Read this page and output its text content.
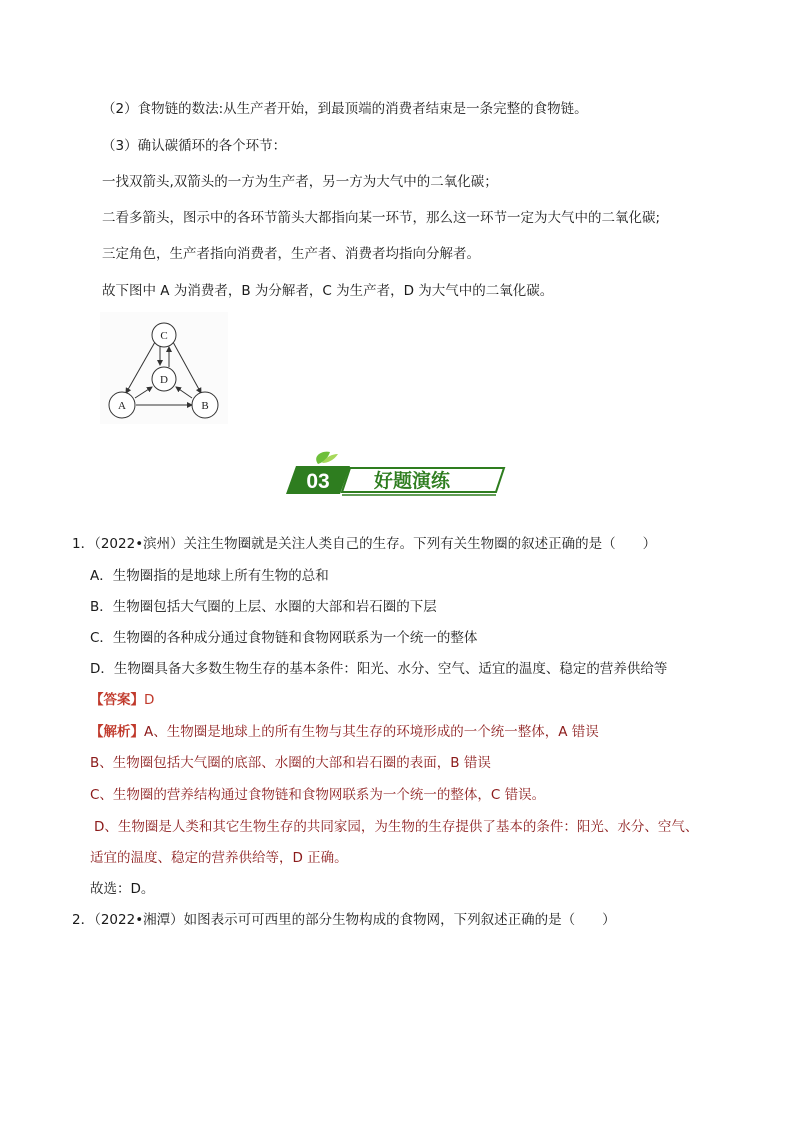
（2）食物链的数法:从生产者开始，到最顶端的消费者结束是一条完整的食物链。
（3）确认碳循环的各个环节：
一找双箭头,双箭头的一方为生产者，另一方为大气中的二氧化碳；
二看多箭头，图示中的各环节箭头大都指向某一环节，那么这一环节一定为大气中的二氧化碳;
三定角色，生产者指向消费者，生产者、消费者均指向分解者。
故下图中 A 为消费者，B 为分解者，C 为生产者，D 为大气中的二氧化碳。
C
D
A	B
03 好题演练
1．（2022•滨州）关注生物圈就是关注人类自己的生存。下列有关生物圈的叙述正确的是（　　）
A．生物圈指的是地球上所有生物的总和
B．生物圈包括大气圈的上层、水圈的大部和岩石圈的下层
C．生物圈的各种成分通过食物链和食物网联系为一个统一的整体
D．生物圈具备大多数生物生存的基本条件：阳光、水分、空气、适宜的温度、稳定的营养供给等
【答案】D
【解析】A、生物圈是地球上的所有生物与其生存的环境形成的一个统一整体，A 错误
B、生物圈包括大气圈的底部、水圈的大部和岩石圈的表面，B 错误
C、生物圈的营养结构通过食物链和食物网联系为一个统一的整体，C 错误。
D、生物圈是人类和其它生物生存的共同家园，为生物的生存提供了基本的条件：阳光、水分、空气、
适宜的温度、稳定的营养供给等，D 正确。
故选：D。
2．（2022•湘潭）如图表示可可西里的部分生物构成的食物网，下列叙述正确的是（　　）
